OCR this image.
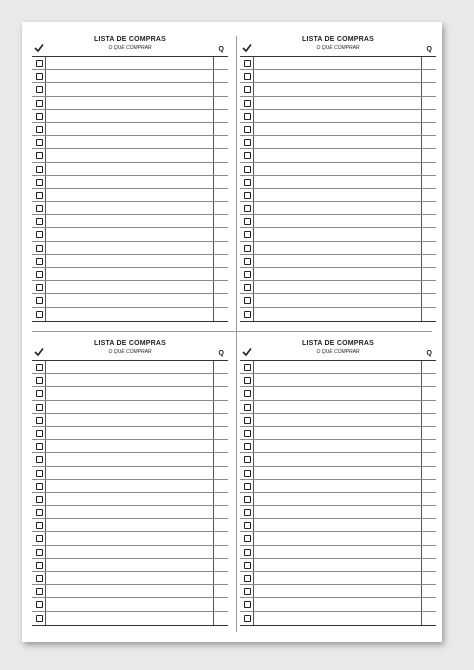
LISTA DE COMPRAS
O QUE COMPRAR	Q
LISTA DE COMPRAS
O QUE COMPRAR	Q
LISTA DE COMPRAS
O QUE COMPRAR	Q
LISTA DE COMPRAS
O QUE COMPRAR	Q
